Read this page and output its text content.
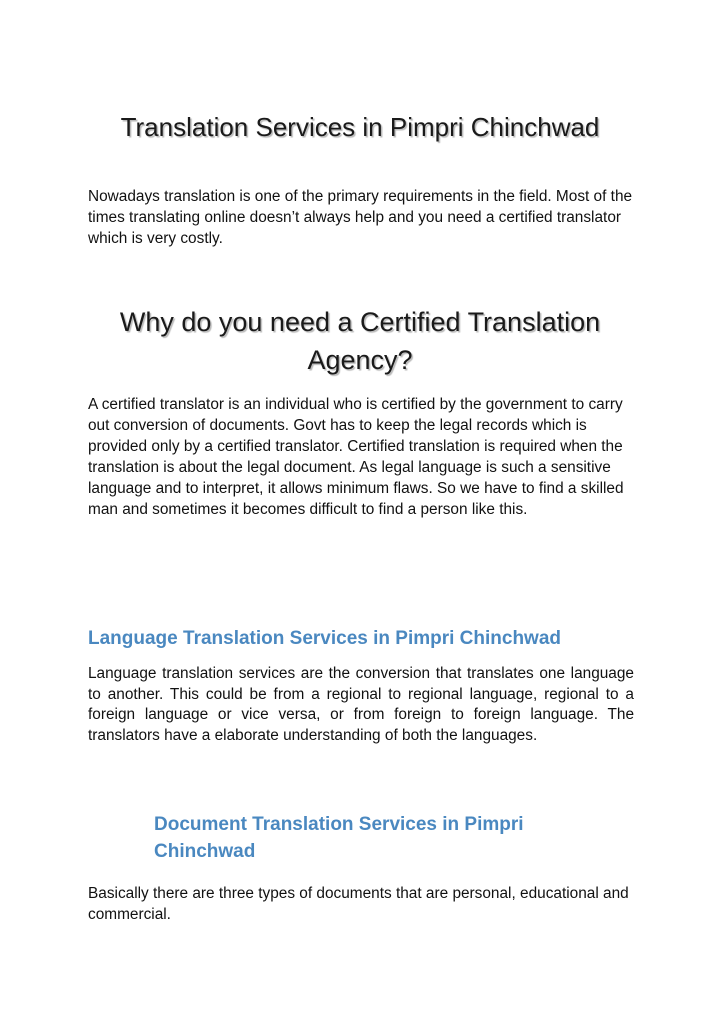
Translation Services in Pimpri Chinchwad

Nowadays translation is one of the primary requirements in the field. Most of the times translating online doesn’t always help and you need a certified translator which is very costly.

Why do you need a Certified Translation Agency?

A certified translator is an individual who is certified by the government to carry out conversion of documents. Govt has to keep the legal records which is provided only by a certified translator. Certified translation is required when the translation is about the legal document. As legal language is such a sensitive language and to interpret, it allows minimum flaws. So we have to find a skilled man and sometimes it becomes difficult to find a person like this.

Language Translation Services in Pimpri Chinchwad

Language translation services are the conversion that translates one language to another. This could be from a regional to regional language, regional to a foreign language or vice versa, or from foreign to foreign language. The translators have a elaborate understanding of both the languages.

Document Translation Services in Pimpri Chinchwad

Basically there are three types of documents that are personal, educational and commercial.
